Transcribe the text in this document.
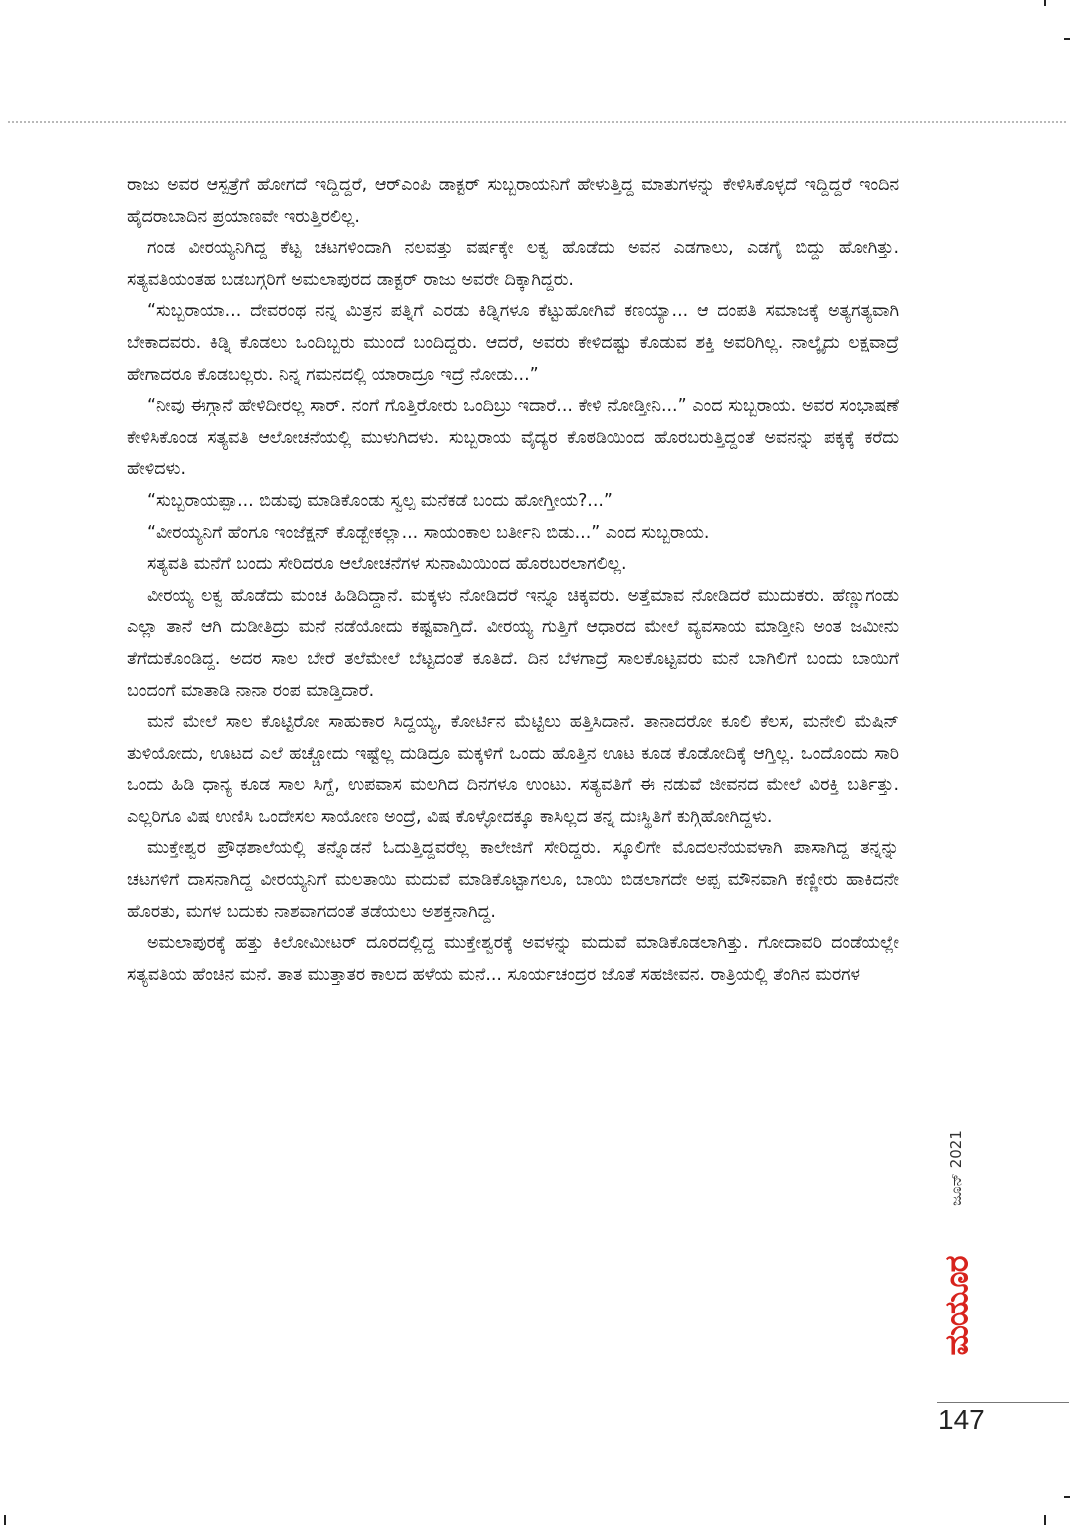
ರಾಜು ಅವರ ಆಸ್ಪತ್ರೆಗೆ ಹೋಗದೆ ಇದ್ದಿದ್ದರೆ, ಆರ್‌ಎಂಪಿ ಡಾಕ್ಟರ್ ಸುಬ್ಬರಾಯನಿಗೆ ಹೇಳುತ್ತಿದ್ದ ಮಾತುಗಳನ್ನು ಕೇಳಿಸಿಕೊಳ್ಳದೆ ಇದ್ದಿದ್ದರೆ ಇಂದಿನ ಹೈದರಾಬಾದಿನ ಪ್ರಯಾಣವೇ ಇರುತ್ತಿರಲಿಲ್ಲ.

ಗಂಡ ವೀರಯ್ಯನಿಗಿದ್ದ ಕೆಟ್ಟ ಚಟಗಳಿಂದಾಗಿ ನಲವತ್ತು ವರ್ಷಕ್ಕೇ ಲಕ್ವ ಹೊಡೆದು ಅವನ ಎಡಗಾಲು, ಎಡಗೈ ಬಿದ್ದು ಹೋಗಿತ್ತು. ಸತ್ಯವತಿಯಂತಹ ಬಡಬಗ್ಗರಿಗೆ ಅಮಲಾಪುರದ ಡಾಕ್ಟರ್ ರಾಜು ಅವರೇ ದಿಕ್ಕಾಗಿದ್ದರು.

“ಸುಬ್ಬರಾಯಾ... ದೇವರಂಥ ನನ್ನ ಮಿತ್ರನ ಪತ್ನಿಗೆ ಎರಡು ಕಿಡ್ನಿಗಳೂ ಕೆಟ್ಟುಹೋಗಿವೆ ಕಣಯ್ಯಾ... ಆ ದಂಪತಿ ಸಮಾಜಕ್ಕೆ ಅತ್ಯಗತ್ಯವಾಗಿ ಬೇಕಾದವರು. ಕಿಡ್ನಿ ಕೊಡಲು ಒಂದಿಬ್ಬರು ಮುಂದೆ ಬಂದಿದ್ದರು. ಆದರೆ, ಅವರು ಕೇಳಿದಷ್ಟು ಕೊಡುವ ಶಕ್ತಿ ಅವರಿಗಿಲ್ಲ. ನಾಲ್ಕೈದು ಲಕ್ಷವಾದ್ರೆ ಹೇಗಾದರೂ ಕೊಡಬಲ್ಲರು. ನಿನ್ನ ಗಮನದಲ್ಲಿ ಯಾರಾದ್ರೂ ಇದ್ರೆ ನೋಡು...”

“ನೀವು ಈಗ್ಗಾನೆ ಹೇಳಿದೀರಲ್ಲ ಸಾರ್. ನಂಗೆ ಗೊತ್ತಿರೋರು ಒಂದಿಬ್ರು ಇದಾರೆ... ಕೇಳಿ ನೋಡ್ತೀನಿ...” ಎಂದ ಸುಬ್ಬರಾಯ. ಅವರ ಸಂಭಾಷಣೆ ಕೇಳಿಸಿಕೊಂಡ ಸತ್ಯವತಿ ಆಲೋಚನೆಯಲ್ಲಿ ಮುಳುಗಿದಳು. ಸುಬ್ಬರಾಯ ವೈದ್ಯರ ಕೊಠಡಿಯಿಂದ ಹೊರಬರುತ್ತಿದ್ದಂತೆ ಅವನನ್ನು ಪಕ್ಕಕ್ಕೆ ಕರೆದು ಹೇಳಿದಳು.

“ಸುಬ್ಬರಾಯಪ್ಪಾ... ಬಿಡುವು ಮಾಡಿಕೊಂಡು ಸ್ವಲ್ಪ ಮನೆಕಡೆ ಬಂದು ಹೋಗ್ತೀಯ?...”

“ವೀರಯ್ಯನಿಗೆ ಹೆಂಗೂ ಇಂಜೆಕ್ಷನ್ ಕೊಡ್ಬೇಕಲ್ಲಾ... ಸಾಯಂಕಾಲ ಬರ್ತೀನಿ ಬಿಡು...” ಎಂದ ಸುಬ್ಬರಾಯ.

ಸತ್ಯವತಿ ಮನೆಗೆ ಬಂದು ಸೇರಿದರೂ ಆಲೋಚನೆಗಳ ಸುನಾಮಿಯಿಂದ ಹೊರಬರಲಾಗಲಿಲ್ಲ.

ವೀರಯ್ಯ ಲಕ್ವ ಹೊಡೆದು ಮಂಚ ಹಿಡಿದಿದ್ದಾನೆ. ಮಕ್ಕಳು ನೋಡಿದರೆ ಇನ್ನೂ ಚಿಕ್ಕವರು. ಅತ್ತೆಮಾವ ನೋಡಿದರೆ ಮುದುಕರು. ಹೆಣ್ಣುಗಂಡು ಎಲ್ಲಾ ತಾನೆ ಆಗಿ ದುಡೀತಿದ್ರು ಮನೆ ನಡೆಯೋದು ಕಷ್ಟವಾಗ್ತಿದೆ. ವೀರಯ್ಯ ಗುತ್ತಿಗೆ ಆಧಾರದ ಮೇಲೆ ವ್ಯವಸಾಯ ಮಾಡ್ತೀನಿ ಅಂತ ಜಮೀನು ತೆಗೆದುಕೊಂಡಿದ್ದ. ಅದರ ಸಾಲ ಬೇರೆ ತಲೆಮೇಲೆ ಬೆಟ್ಟದಂತೆ ಕೂತಿದೆ. ದಿನ ಬೆಳಗಾದ್ರೆ ಸಾಲಕೊಟ್ಟವರು ಮನೆ ಬಾಗಿಲಿಗೆ ಬಂದು ಬಾಯಿಗೆ ಬಂದಂಗೆ ಮಾತಾಡಿ ನಾನಾ ರಂಪ ಮಾಡ್ತಿದಾರೆ.

ಮನೆ ಮೇಲೆ ಸಾಲ ಕೊಟ್ಟಿರೋ ಸಾಹುಕಾರ ಸಿದ್ದಯ್ಯ, ಕೋರ್ಟಿನ ಮೆಟ್ಟಿಲು ಹತ್ತಿಸಿದಾನೆ. ತಾನಾದರೋ ಕೂಲಿ ಕೆಲಸ, ಮನೇಲಿ ಮೆಷಿನ್ ತುಳಿಯೋದು, ಊಟದ ಎಲೆ ಹಚ್ಚೋದು ಇಷ್ಟೆಲ್ಲ ದುಡಿದ್ರೂ ಮಕ್ಕಳಿಗೆ ಒಂದು ಹೊತ್ತಿನ ಊಟ ಕೂಡ ಕೊಡೋದಿಕ್ಕೆ ಆಗ್ತಿಲ್ಲ. ಒಂದೊಂದು ಸಾರಿ ಒಂದು ಹಿಡಿ ಧಾನ್ಯ ಕೂಡ ಸಾಲ ಸಿಗ್ದೆ, ಉಪವಾಸ ಮಲಗಿದ ದಿನಗಳೂ ಉಂಟು. ಸತ್ಯವತಿಗೆ ಈ ನಡುವೆ ಜೀವನದ ಮೇಲೆ ವಿರಕ್ತಿ ಬರ್ತಿತ್ತು. ಎಲ್ಲರಿಗೂ ವಿಷ ಉಣಿಸಿ ಒಂದೇಸಲ ಸಾಯೋಣ ಅಂದ್ರೆ, ವಿಷ ಕೊಳ್ಳೋದಕ್ಕೂ ಕಾಸಿಲ್ಲದ ತನ್ನ ದುಃಸ್ಥಿತಿಗೆ ಕುಗ್ಗಿಹೋಗಿದ್ದಳು.

ಮುಕ್ತೇಶ್ವರ ಪ್ರೌಢಶಾಲೆಯಲ್ಲಿ ತನ್ನೊಡನೆ ಓದುತ್ತಿದ್ದವರೆಲ್ಲ ಕಾಲೇಜಿಗೆ ಸೇರಿದ್ದರು. ಸ್ಕೂಲಿಗೇ ಮೊದಲನೆಯವಳಾಗಿ ಪಾಸಾಗಿದ್ದ ತನ್ನನ್ನು ಚಟಗಳಿಗೆ ದಾಸನಾಗಿದ್ದ ವೀರಯ್ಯನಿಗೆ ಮಲತಾಯಿ ಮದುವೆ ಮಾಡಿಕೊಟ್ಟಾಗಲೂ, ಬಾಯಿ ಬಿಡಲಾಗದೇ ಅಪ್ಪ ಮೌನವಾಗಿ ಕಣ್ಣೀರು ಹಾಕಿದನೇ ಹೊರತು, ಮಗಳ ಬದುಕು ನಾಶವಾಗದಂತೆ ತಡೆಯಲು ಅಶಕ್ತನಾಗಿದ್ದ.

ಅಮಲಾಪುರಕ್ಕೆ ಹತ್ತು ಕಿಲೋಮೀಟರ್ ದೂರದಲ್ಲಿದ್ದ ಮುಕ್ತೇಶ್ವರಕ್ಕೆ ಅವಳನ್ನು ಮದುವೆ ಮಾಡಿಕೊಡಲಾಗಿತ್ತು. ಗೋದಾವರಿ ದಂಡೆಯಲ್ಲೇ ಸತ್ಯವತಿಯ ಹೆಂಚಿನ ಮನೆ. ತಾತ ಮುತ್ತಾತರ ಕಾಲದ ಹಳೆಯ ಮನೆ... ಸೂರ್ಯಚಂದ್ರರ ಜೊತೆ ಸಹಜೀವನ. ರಾತ್ರಿಯಲ್ಲಿ ತೆಂಗಿನ ಮರಗಳ

ಜೂನ್ 2021
ಮಯೂರ
147
